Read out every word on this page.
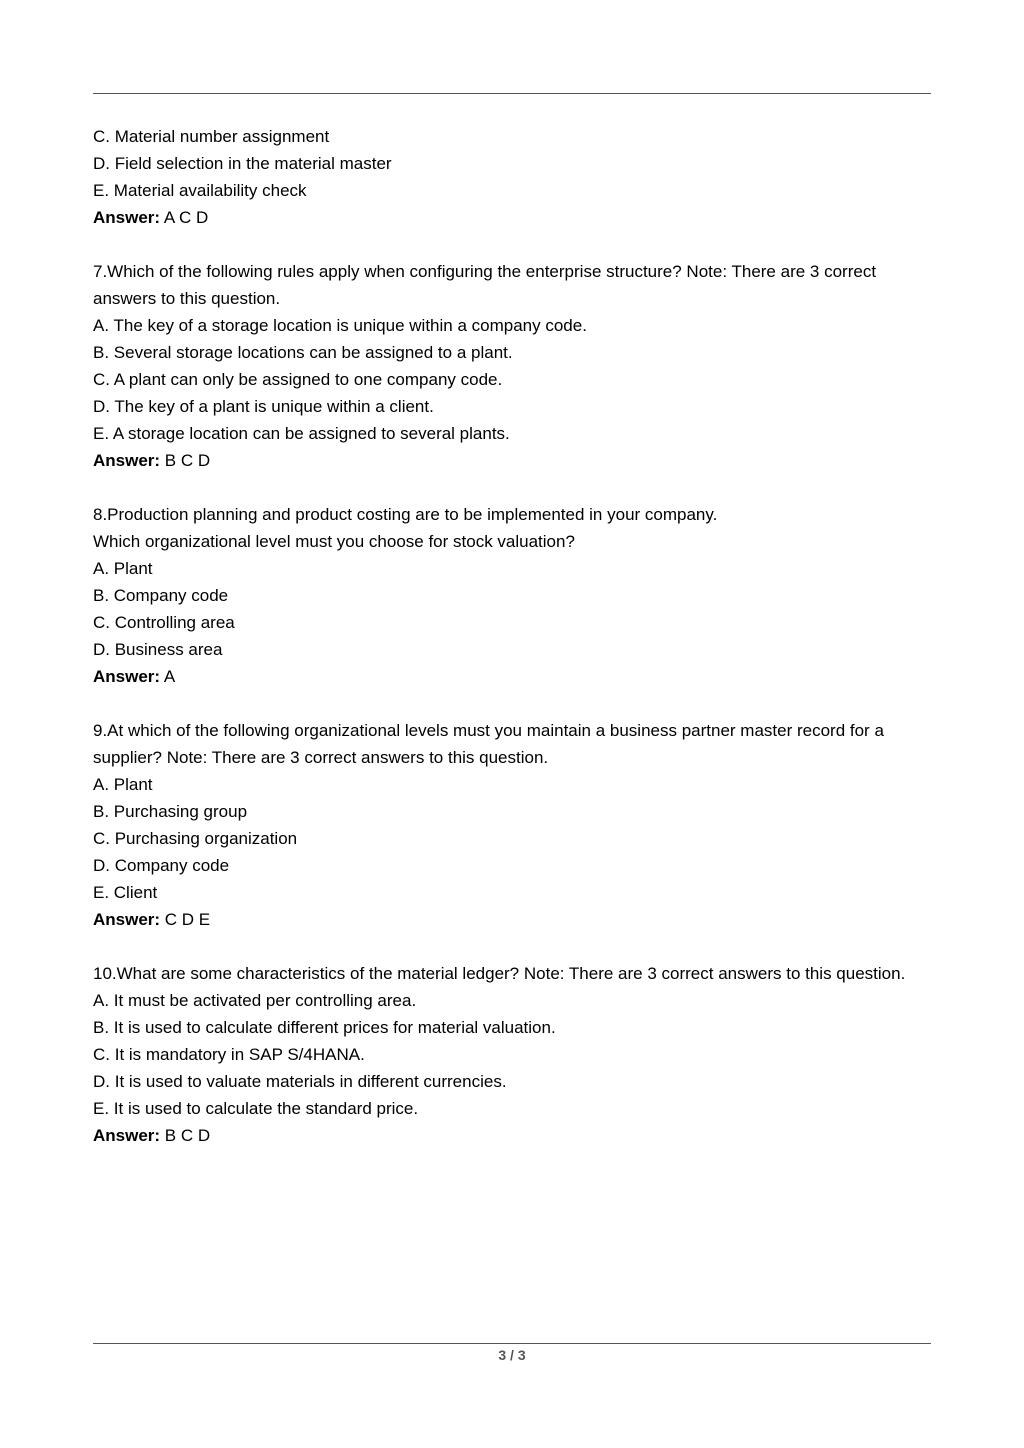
C. Material number assignment

D. Field selection in the material master

E. Material availability check

Answer: A C D

7.Which of the following rules apply when configuring the enterprise structure? Note: There are 3 correct answers to this question.

A. The key of a storage location is unique within a company code.

B. Several storage locations can be assigned to a plant.

C. A plant can only be assigned to one company code.

D. The key of a plant is unique within a client.

E. A storage location can be assigned to several plants.

Answer: B C D

8.Production planning and product costing are to be implemented in your company.

Which organizational level must you choose for stock valuation?

A. Plant

B. Company code

C. Controlling area

D. Business area

Answer: A

9.At which of the following organizational levels must you maintain a business partner master record for a supplier? Note: There are 3 correct answers to this question.

A. Plant

B. Purchasing group

C. Purchasing organization

D. Company code

E. Client

Answer: C D E

10.What are some characteristics of the material ledger? Note: There are 3 correct answers to this question.

A. It must be activated per controlling area.

B. It is used to calculate different prices for material valuation.

C. It is mandatory in SAP S/4HANA.

D. It is used to valuate materials in different currencies.

E. It is used to calculate the standard price.

Answer: B C D

3 / 3
